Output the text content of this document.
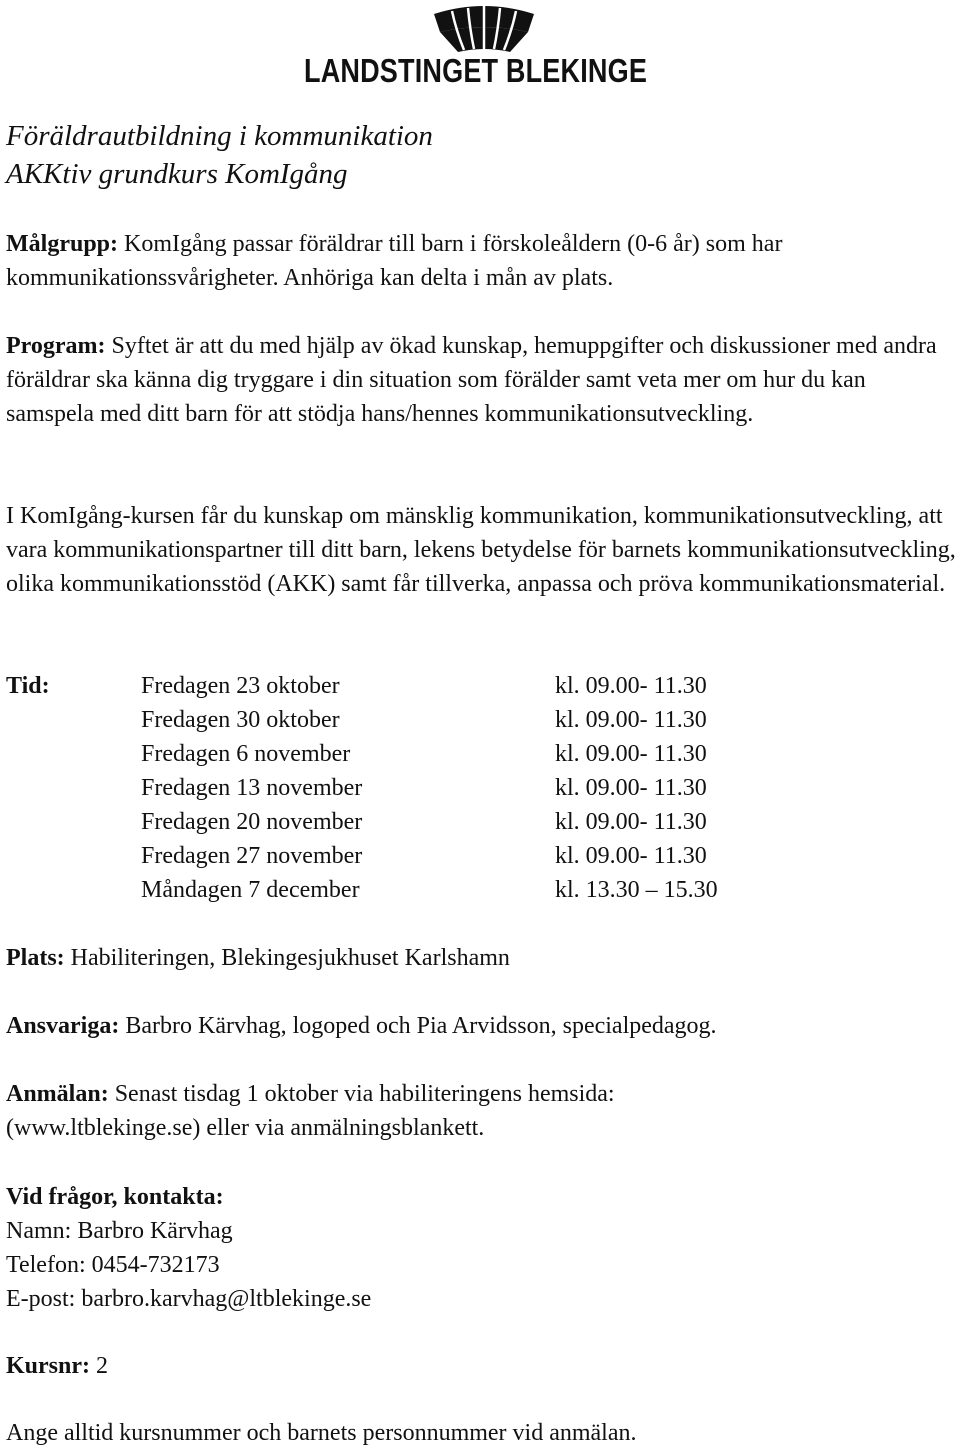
LANDSTINGET BLEKINGE
Föräldrautbildning i kommunikation
AKKtiv grundkurs KomIgång
Målgrupp: KomIgång passar föräldrar till barn i förskoleåldern (0-6 år) som har kommunikationssvårigheter. Anhöriga kan delta i mån av plats.
Program: Syftet är att du med hjälp av ökad kunskap, hemuppgifter och diskussioner med andra föräldrar ska känna dig tryggare i din situation som förälder samt veta mer om hur du kan samspela med ditt barn för att stödja hans/hennes kommunikationsutveckling.
I KomIgång-kursen får du kunskap om mänsklig kommunikation, kommunikationsutveckling, att vara kommunikationspartner till ditt barn, lekens betydelse för barnets kommunikationsutveckling, olika kommunikationsstöd (AKK) samt får tillverka, anpassa och pröva kommunikationsmaterial.
Tid:	Fredagen 23 oktober	kl. 09.00- 11.30
Fredagen 30 oktober	kl. 09.00- 11.30
Fredagen 6 november	kl. 09.00- 11.30
Fredagen 13 november	kl. 09.00- 11.30
Fredagen 20 november	kl. 09.00- 11.30
Fredagen 27 november	kl. 09.00- 11.30
Måndagen 7 december	kl. 13.30 – 15.30
Plats: Habiliteringen, Blekingesjukhuset Karlshamn
Ansvariga: Barbro Kärvhag, logoped och Pia Arvidsson, specialpedagog.
Anmälan: Senast tisdag 1 oktober via habiliteringens hemsida: (www.ltblekinge.se) eller via anmälningsblankett.
Vid frågor, kontakta:
Namn: Barbro Kärvhag
Telefon: 0454-732173
E-post: barbro.karvhag@ltblekinge.se
Kursnr: 2
Ange alltid kursnummer och barnets personnummer vid anmälan.
